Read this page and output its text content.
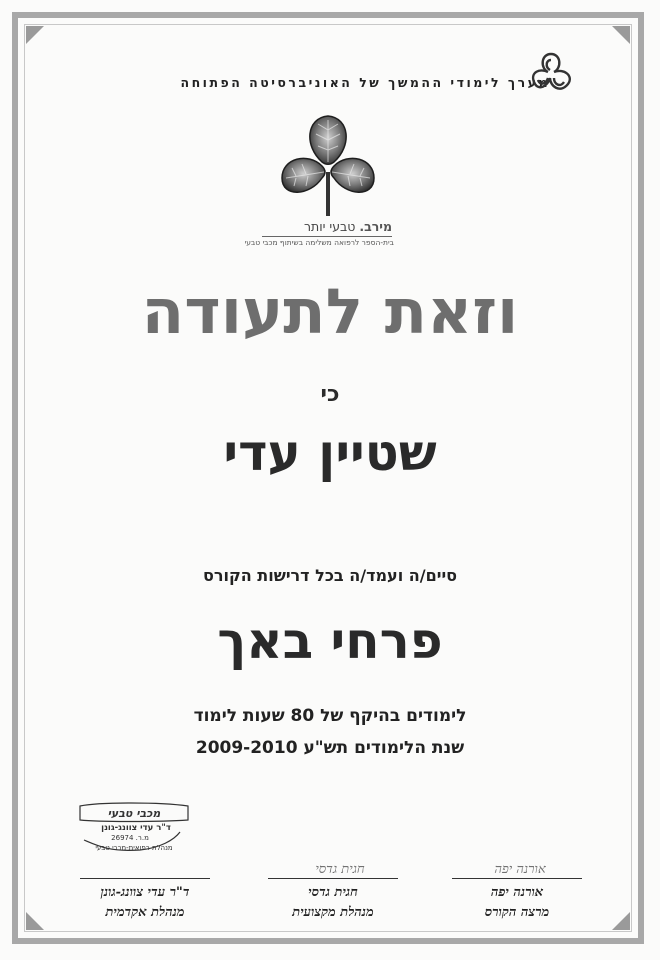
מערך לימודי ההמשך של האוניברסיטה הפתוחה
מירב. טבעי יותר
בית-הספר לרפואה משלימה בשיתוף מכבי טבעי
וזאת לתעודה
כי
שטיין עדי
סיים/ה ועמד/ה בכל דרישות הקורס
פרחי באך
לימודים בהיקף של 80 שעות לימוד
שנת הלימודים תש"ע 2009-2010
מכבי טבעי
ד"ר עדי צוונג-גונן
מ.ר. 26974
מנהלת רפואית-מכבי טבעי
ד"ר עדי צוונג-גונן
מנהלת אקדמית
חגית גדסי
חגית גדסי
מנהלת מקצועית
אורנה יפה
אורנה יפה
מרצה הקורס
